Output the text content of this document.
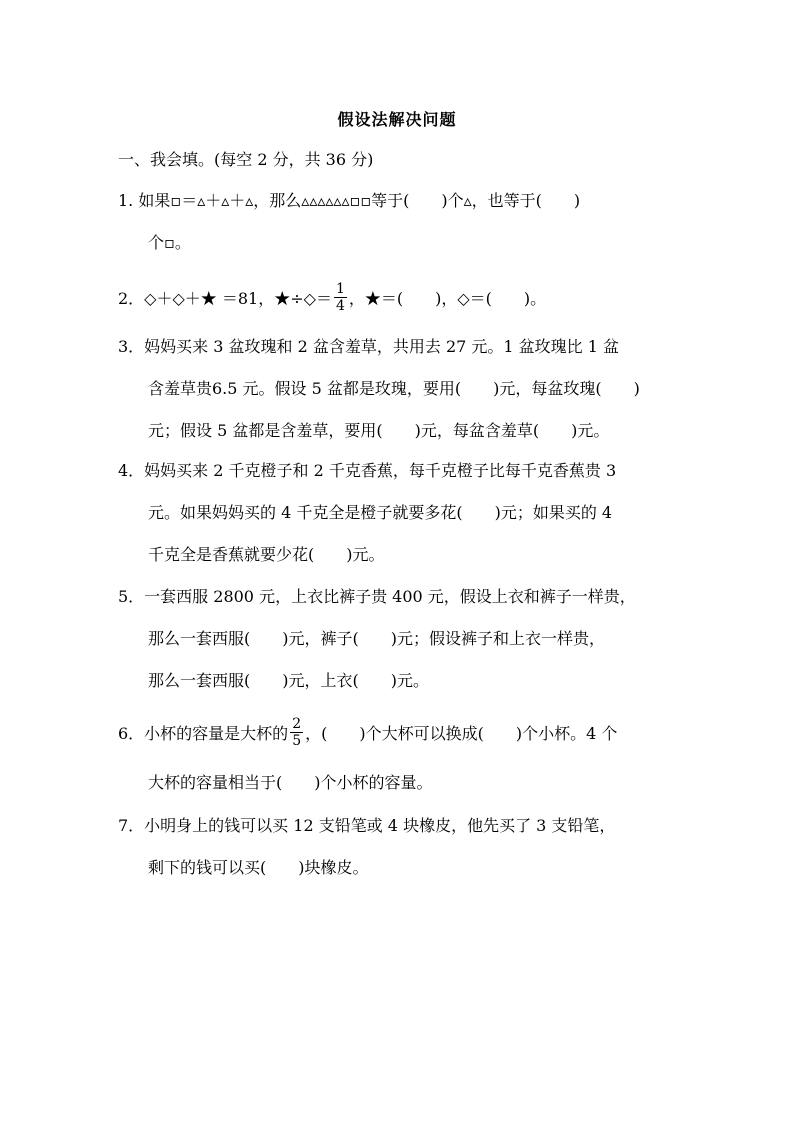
假设法解决问题
一、我会填。(每空 2 分，共 36 分)
1. 如果▫＝▵＋▵＋▵，那么▵▵▵▵▵▵▫▫等于(　　)个▵，也等于(　　)
个▫。
2．◇＋◇＋★ ＝81，★÷◇＝ $\frac{1}{4}$ ，★＝(　　)，◇＝(　　)。
3．妈妈买来 3 盆玫瑰和 2 盆含羞草，共用去 27 元。1 盆玫瑰比 1 盆
含羞草贵6.5 元。假设 5 盆都是玫瑰，要用(　　)元，每盆玫瑰(　　)
元；假设 5 盆都是含羞草，要用(　　)元，每盆含羞草(　　)元。
4．妈妈买来 2 千克橙子和 2 千克香蕉，每千克橙子比每千克香蕉贵 3
元。如果妈妈买的 4 千克全是橙子就要多花(　　)元；如果买的 4
千克全是香蕉就要少花(　　)元。
5．一套西服 2800 元，上衣比裤子贵 400 元，假设上衣和裤子一样贵，
那么一套西服(　　)元，裤子(　　)元；假设裤子和上衣一样贵，
那么一套西服(　　)元，上衣(　　)元。
6．小杯的容量是大杯的 $\frac{2}{5}$ ，(　　)个大杯可以换成(　　)个小杯。4 个
大杯的容量相当于(　　)个小杯的容量。
7．小明身上的钱可以买 12 支铅笔或 4 块橡皮，他先买了 3 支铅笔，
剩下的钱可以买(　　)块橡皮。
